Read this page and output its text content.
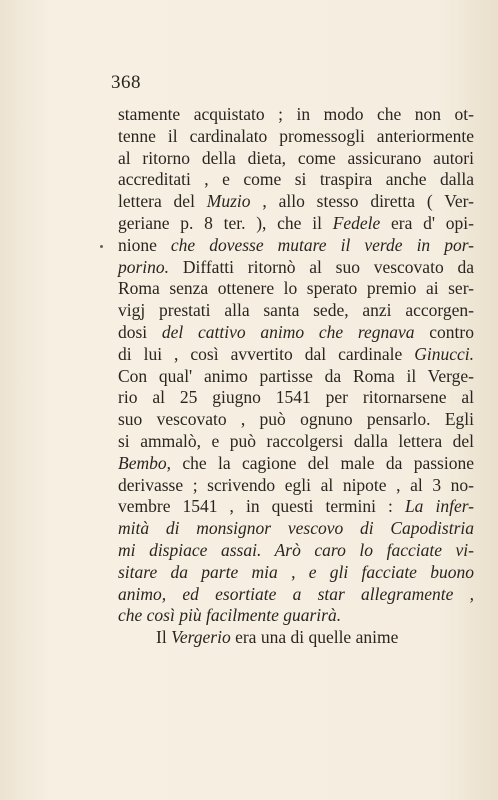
368
stamente acquistato ; in modo che non ot-
tenne il cardinalato promessogli anteriormente
al ritorno della dieta, come assicurano autori
accreditati , e come si traspira anche dalla
lettera del Muzio , allo stesso diretta ( Ver-
geriane p. 8 ter. ), che il Fedele era d' opi-
nione che dovesse mutare il verde in por-
porino. Diffatti ritornò al suo vescovato da
Roma senza ottenere lo sperato premio ai ser-
vigj prestati alla santa sede, anzi accorgen-
dosi del cattivo animo che regnava contro
di lui , così avvertito dal cardinale Ginucci.
Con qual' animo partisse da Roma il Verge-
rio al 25 giugno 1541 per ritornarsene al
suo vescovato , può ognuno pensarlo. Egli
si ammalò, e può raccolgersi dalla lettera del
Bembo, che la cagione del male da passione
derivasse ; scrivendo egli al nipote , al 3 no-
vembre 1541 , in questi termini : La infer-
mità di monsignor vescovo di Capodistria
mi dispiace assai. Arò caro lo facciate vi-
sitare da parte mia , e gli facciate buono
animo, ed esortiate a star allegramente ,
che così più facilmente guarirà.
Il Vergerio era una di quelle anime
